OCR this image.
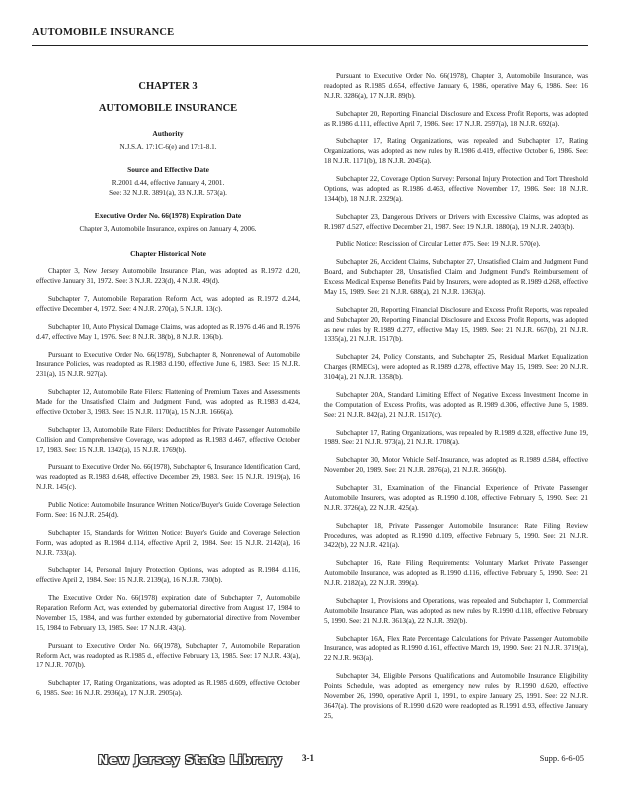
AUTOMOBILE INSURANCE
CHAPTER 3
AUTOMOBILE INSURANCE
Authority
N.J.S.A. 17:1C-6(e) and 17:1-8.1.
Source and Effective Date
R.2001 d.44, effective January 4, 2001.
See: 32 N.J.R. 3891(a), 33 N.J.R. 573(a).
Executive Order No. 66(1978) Expiration Date
Chapter 3, Automobile Insurance, expires on January 4, 2006.
Chapter Historical Note

Chapter 3, New Jersey Automobile Insurance Plan, was adopted as R.1972 d.20, effective January 31, 1972. See: 3 N.J.R. 223(d), 4 N.J.R. 49(d).

Subchapter 7, Automobile Reparation Reform Act, was adopted as R.1972 d.244, effective December 4, 1972. See: 4 N.J.R. 270(a), 5 N.J.R. 13(c).

Subchapter 10, Auto Physical Damage Claims, was adopted as R.1976 d.46 and R.1976 d.47, effective May 1, 1976. See: 8 N.J.R. 38(b), 8 N.J.R. 136(b).

Pursuant to Executive Order No. 66(1978), Subchapter 8, Nonrenewal of Automobile Insurance Policies, was readopted as R.1983 d.190, effective June 6, 1983. See: 15 N.J.R. 231(a), 15 N.J.R. 927(a).

Subchapter 12, Automobile Rate Filers: Flattening of Premium Taxes and Assessments Made for the Unsatisfied Claim and Judgment Fund, was adopted as R.1983 d.424, effective October 3, 1983. See: 15 N.J.R. 1170(a), 15 N.J.R. 1666(a).

Subchapter 13, Automobile Rate Filers: Deductibles for Private Passenger Automobile Collision and Comprehensive Coverage, was adopted as R.1983 d.467, effective October 17, 1983. See: 15 N.J.R. 1342(a), 15 N.J.R. 1769(b).

Pursuant to Executive Order No. 66(1978), Subchapter 6, Insurance Identification Card, was readopted as R.1983 d.648, effective December 29, 1983. See: 15 N.J.R. 1919(a), 16 N.J.R. 145(c).

Public Notice: Automobile Insurance Written Notice/Buyer's Guide Coverage Selection Form. See: 16 N.J.R. 254(d).

Subchapter 15, Standards for Written Notice: Buyer's Guide and Coverage Selection Form, was adopted as R.1984 d.114, effective April 2, 1984. See: 15 N.J.R. 2142(a), 16 N.J.R. 733(a).

Subchapter 14, Personal Injury Protection Options, was adopted as R.1984 d.116, effective April 2, 1984. See: 15 N.J.R. 2139(a), 16 N.J.R. 730(b).

The Executive Order No. 66(1978) expiration date of Subchapter 7, Automobile Reparation Reform Act, was extended by gubernatorial directive from August 17, 1984 to November 15, 1984, and was further extended by gubernatorial directive from November 15, 1984 to February 13, 1985. See: 17 N.J.R. 43(a).

Pursuant to Executive Order No. 66(1978), Subchapter 7, Automobile Reparation Reform Act, was readopted as R.1985 d., effective February 13, 1985. See: 17 N.J.R. 43(a), 17 N.J.R. 707(b).

Subchapter 17, Rating Organizations, was adopted as R.1985 d.609, effective October 6, 1985. See: 16 N.J.R. 2936(a), 17 N.J.R. 2905(a).

Pursuant to Executive Order No. 66(1978), Chapter 3, Automobile Insurance, was readopted as R.1985 d.654, effective January 6, 1986, operative May 6, 1986. See: 16 N.J.R. 3286(a), 17 N.J.R. 89(b).

Subchapter 20, Reporting Financial Disclosure and Excess Profit Reports, was adopted as R.1986 d.111, effective April 7, 1986. See: 17 N.J.R. 2597(a), 18 N.J.R. 692(a).

Subchapter 17, Rating Organizations, was repealed and Subchapter 17, Rating Organizations, was adopted as new rules by R.1986 d.419, effective October 6, 1986. See: 18 N.J.R. 1171(b), 18 N.J.R. 2045(a).

Subchapter 22, Coverage Option Survey: Personal Injury Protection and Tort Threshold Options, was adopted as R.1986 d.463, effective November 17, 1986. See: 18 N.J.R. 1344(b), 18 N.J.R. 2329(a).

Subchapter 23, Dangerous Drivers or Drivers with Excessive Claims, was adopted as R.1987 d.527, effective December 21, 1987. See: 19 N.J.R. 1880(a), 19 N.J.R. 2403(b).

Public Notice: Rescission of Circular Letter #75. See: 19 N.J.R. 570(e).

Subchapter 26, Accident Claims, Subchapter 27, Unsatisfied Claim and Judgment Fund Board, and Subchapter 28, Unsatisfied Claim and Judgment Fund's Reimbursement of Excess Medical Expense Benefits Paid by Insurers, were adopted as R.1989 d.268, effective May 15, 1989. See: 21 N.J.R. 688(a), 21 N.J.R. 1363(a).

Subchapter 20, Reporting Financial Disclosure and Excess Profit Reports, was repealed and Subchapter 20, Reporting Financial Disclosure and Excess Profit Reports, was adopted as new rules by R.1989 d.277, effective May 15, 1989. See: 21 N.J.R. 667(b), 21 N.J.R. 1335(a), 21 N.J.R. 1517(b).

Subchapter 24, Policy Constants, and Subchapter 25, Residual Market Equalization Charges (RMECs), were adopted as R.1989 d.278, effective May 15, 1989. See: 20 N.J.R. 3104(a), 21 N.J.R. 1358(b).

Subchapter 20A, Standard Limiting Effect of Negative Excess Investment Income in the Computation of Excess Profits, was adopted as R.1989 d.306, effective June 5, 1989. See: 21 N.J.R. 842(a), 21 N.J.R. 1517(c).

Subchapter 17, Rating Organizations, was repealed by R.1989 d.328, effective June 19, 1989. See: 21 N.J.R. 973(a), 21 N.J.R. 1708(a).

Subchapter 30, Motor Vehicle Self-Insurance, was adopted as R.1989 d.584, effective November 20, 1989. See: 21 N.J.R. 2876(a), 21 N.J.R. 3666(b).

Subchapter 31, Examination of the Financial Experience of Private Passenger Automobile Insurers, was adopted as R.1990 d.108, effective February 5, 1990. See: 21 N.J.R. 3726(a), 22 N.J.R. 425(a).

Subchapter 18, Private Passenger Automobile Insurance: Rate Filing Review Procedures, was adopted as R.1990 d.109, effective February 5, 1990. See: 21 N.J.R. 3422(b), 22 N.J.R. 421(a).

Subchapter 16, Rate Filing Requirements: Voluntary Market Private Passenger Automobile Insurance, was adopted as R.1990 d.116, effective February 5, 1990. See: 21 N.J.R. 2182(a), 22 N.J.R. 399(a).

Subchapter 1, Provisions and Operations, was repealed and Subchapter 1, Commercial Automobile Insurance Plan, was adopted as new rules by R.1990 d.118, effective February 5, 1990. See: 21 N.J.R. 3613(a), 22 N.J.R. 392(b).

Subchapter 16A, Flex Rate Percentage Calculations for Private Passenger Automobile Insurance, was adopted as R.1990 d.161, effective March 19, 1990. See: 21 N.J.R. 3719(a), 22 N.J.R. 963(a).

Subchapter 34, Eligible Persons Qualifications and Automobile Insurance Eligibility Points Schedule, was adopted as emergency new rules by R.1990 d.620, effective November 26, 1990, operative April 1, 1991, to expire January 25, 1991. See: 22 N.J.R. 3647(a). The provisions of R.1990 d.620 were readopted as R.1991 d.93, effective January 25,

New Jersey State Library 3-1	Supp. 6-6-05
